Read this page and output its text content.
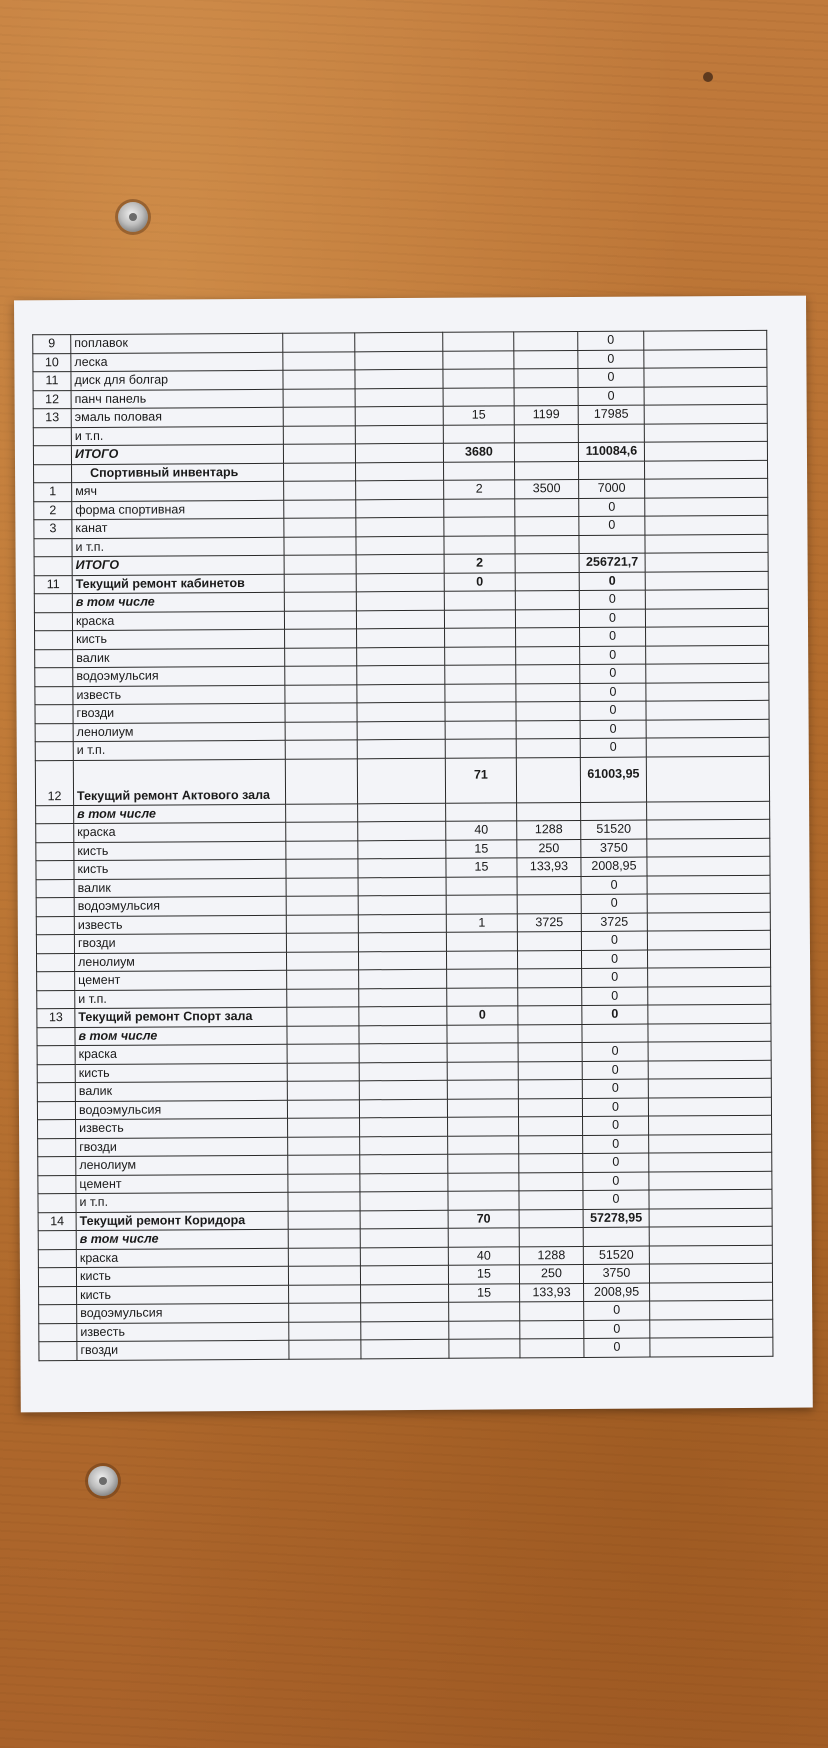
9	поплавок					0	
10	леска					0	
11	диск для болгар					0	
12	панч панель					0	
13	эмаль половая			15	1199	17985	
	и т.п.						
	ИТОГО			3680		110084,6	
	Спортивный инвентарь						
1	мяч			2	3500	7000	
2	форма спортивная					0	
3	канат					0	
	и т.п.						
	ИТОГО			2		256721,7	
11	Текущий ремонт кабинетов			0		0	
	в том числе					0	
	краска					0	
	кисть					0	
	валик					0	
	водоэмульсия					0	
	известь					0	
	гвозди					0	
	ленолиум					0	
	и т.п.					0	
12	Текущий ремонт Актового зала			71		61003,95	
	в том числе						
	краска			40	1288	51520	
	кисть			15	250	3750	
	кисть			15	133,93	2008,95	
	валик					0	
	водоэмульсия					0	
	известь			1	3725	3725	
	гвозди					0	
	ленолиум					0	
	цемент					0	
	и т.п.					0	
13	Текущий ремонт Спорт зала			0		0	
	в том числе						
	краска					0	
	кисть					0	
	валик					0	
	водоэмульсия					0	
	известь					0	
	гвозди					0	
	ленолиум					0	
	цемент					0	
	и т.п.					0	
14	Текущий ремонт Коридора			70		57278,95	
	в том числе						
	краска			40	1288	51520	
	кисть			15	250	3750	
	кисть			15	133,93	2008,95	
	водоэмульсия					0	
	известь					0	
	гвозди					0	
